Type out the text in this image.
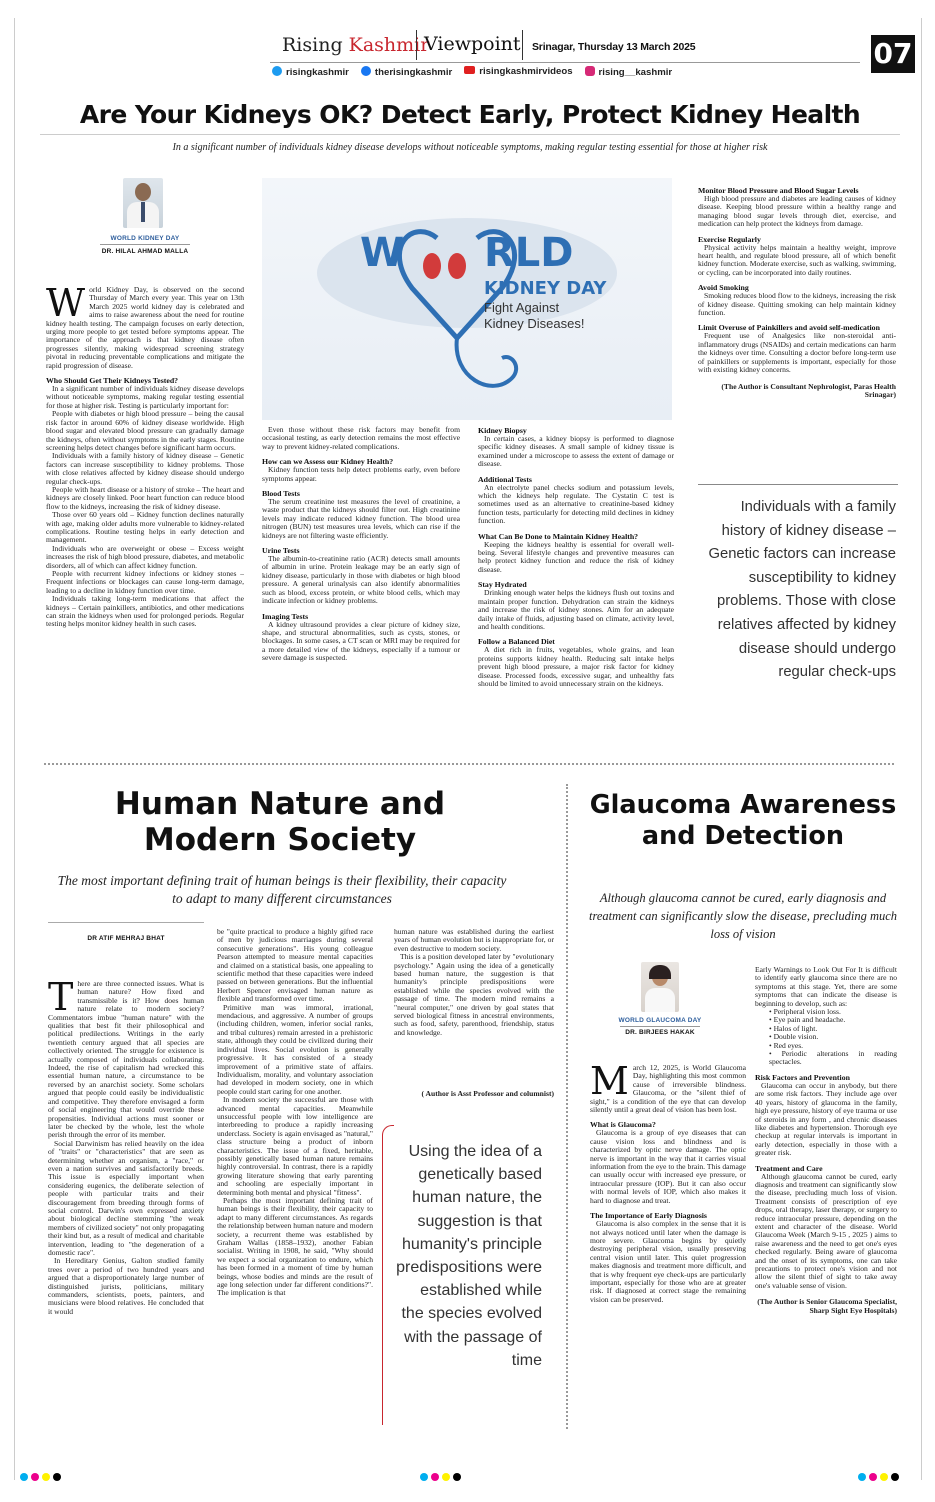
Rising Kashmir
Viewpoint Srinagar, Thursday 13 March 2025	07
risingkashmir	therisingkashmir	risingkashmirvideos	rising__kashmir
Are Your Kidneys OK? Detect Early, Protect Kidney Health
In a significant number of individuals kidney disease develops without noticeable symptoms, making regular testing essential for those at higher risk
WORLD KIDNEY DAY
DR. HILAL AHMAD MALLA	W RLD
KIDNEY DAY
Fight Against
Kidney Diseases!
W orld Kidney Day, is observed on the second Thursday of March every year. This year on 13th March 2025 world kidney day is celebrated and aims to raise awareness about the need for routine kidney health testing. The campaign focuses on early detection, urging more people to get tested before symptoms appear. The importance of the approach is that kidney disease often progresses silently, making widespread screening strategy pivotal in reducing preventable complications and mitigate the rapid progression of disease.
Who Should Get Their Kidneys Tested?

In a significant number of individuals kidney disease develops without noticeable symptoms, making regular testing essential for those at higher risk. Testing is particularly important for:

People with diabetes or high blood pressure – being the causal risk factor in around 60% of kidney disease worldwide. High blood sugar and elevated blood pressure can gradually damage the kidneys, often without symptoms in the early stages. Routine screening helps detect changes before significant harm occurs.

Individuals with a family history of kidney disease – Genetic factors can increase susceptibility to kidney problems. Those with close relatives affected by kidney disease should undergo regular check-ups.

People with heart disease or a history of stroke – The heart and kidneys are closely linked. Poor heart function can reduce blood flow to the kidneys, increasing the risk of kidney disease.

Those over 60 years old – Kidney function declines naturally with age, making older adults more vulnerable to kidney-related complications. Routine testing helps in early detection and management.

Individuals who are overweight or obese – Excess weight increases the risk of high blood pressure, diabetes, and metabolic disorders, all of which can affect kidney function.

People with recurrent kidney infections or kidney stones – Frequent infections or blockages can cause long-term damage, leading to a decline in kidney function over time.

Individuals taking long-term medications that affect the kidneys – Certain painkillers, antibiotics, and other medications can strain the kidneys when used for prolonged periods. Regular testing helps monitor kidney health in such cases.

Even those without these risk factors may benefit from occasional testing, as early detection remains the most effective way to prevent kidney-related complications.

How can we Assess our Kidney Health?

Kidney function tests help detect problems early, even before symptoms appear.

Blood Tests

The serum creatinine test measures the level of creatinine, a waste product that the kidneys should filter out. High creatinine levels may indicate reduced kidney function. The blood urea nitrogen (BUN) test measures urea levels, which can rise if the kidneys are not filtering waste efficiently.

Urine Tests

The albumin-to-creatinine ratio (ACR) detects small amounts of albumin in urine. Protein leakage may be an early sign of kidney disease, particularly in those with diabetes or high blood pressure. A general urinalysis can also identify abnormalities such as blood, excess protein, or white blood cells, which may indicate infection or kidney problems.

Imaging Tests

A kidney ultrasound provides a clear picture of kidney size, shape, and structural abnormalities, such as cysts, stones, or blockages. In some cases, a CT scan or MRI may be required for a more detailed view of the kidneys, especially if a tumour or severe damage is suspected.

Kidney Biopsy

In certain cases, a kidney biopsy is performed to diagnose specific kidney diseases. A small sample of kidney tissue is examined under a microscope to assess the extent of damage or disease.

Additional Tests

An electrolyte panel checks sodium and potassium levels, which the kidneys help regulate. The Cystatin C test is sometimes used as an alternative to creatinine-based kidney function tests, particularly for detecting mild declines in kidney function.

What Can Be Done to Maintain Kidney Health?

Keeping the kidneys healthy is essential for overall well-being. Several lifestyle changes and preventive measures can help protect kidney function and reduce the risk of kidney disease.

Stay Hydrated

Drinking enough water helps the kidneys flush out toxins and maintain proper function. Dehydration can strain the kidneys and increase the risk of kidney stones. Aim for an adequate daily intake of fluids, adjusting based on climate, activity level, and health conditions.

Follow a Balanced Diet

A diet rich in fruits, vegetables, whole grains, and lean proteins supports kidney health. Reducing salt intake helps prevent high blood pressure, a major risk factor for kidney disease. Processed foods, excessive sugar, and unhealthy fats should be limited to avoid unnecessary strain on the kidneys.

Monitor Blood Pressure and Blood Sugar Levels

High blood pressure and diabetes are leading causes of kidney disease. Keeping blood pressure within a healthy range and managing blood sugar levels through diet, exercise, and medication can help protect the kidneys from damage.

Exercise Regularly

Physical activity helps maintain a healthy weight, improve heart health, and regulate blood pressure, all of which benefit kidney function. Moderate exercise, such as walking, swimming, or cycling, can be incorporated into daily routines.

Avoid Smoking

Smoking reduces blood flow to the kidneys, increasing the risk of kidney disease. Quitting smoking can help maintain kidney function.

Limit Overuse of Painkillers and avoid self-medication

Frequent use of Analgesics like non-steroidal anti-inflammatory drugs (NSAIDs) and certain medications can harm the kidneys over time. Consulting a doctor before long-term use of painkillers or supplements is important, especially for those with existing kidney concerns.

(The Author is Consultant Nephrologist, Paras Health Srinagar)
Individuals with a family history of kidney disease – Genetic factors can increase susceptibility to kidney problems. Those with close relatives affected by kidney disease should undergo regular check-ups
Human Nature and Modern Society
The most important defining trait of human beings is their flexibility, their capacity to adapt to many different circumstances
DR ATIF MEHRAJ BHAT
T here are three connected issues. What is human nature? How fixed and transmissible is it? How does human nature relate to modern society? Commentators imbue "human nature" with the qualities that best fit their philosophical and political predilections. Writings in the early twentieth century argued that all species are collectively oriented. The struggle for existence is actually composed of individuals collaborating. Indeed, the rise of capitalism had wrecked this essential human nature, a circumstance to be reversed by an anarchist society. Some scholars argued that people could easily be individualistic and competitive. They therefore envisaged a form of social engineering that would override these propensities. Individual actions must sooner or later be checked by the whole, lest the whole perish through the error of its member.

Social Darwinism has relied heavily on the idea of "traits" or "characteristics" that are seen as determining whether an organism, a "race," or even a nation survives and satisfactorily breeds. This issue is especially important when considering eugenics, the deliberate selection of people with particular traits and their discouragement from breeding through forms of social control. Darwin's own expressed anxiety about biological decline stemming "the weak members of civilized society" not only propagating their kind but, as a result of medical and charitable intervention, leading to "the degeneration of a domestic race".

In Hereditary Genius, Galton studied family trees over a period of two hundred years and argued that a disproportionately large number of distinguished jurists, politicians, military commanders, scientists, poets, painters, and musicians were blood relatives. He concluded that it would

be "quite practical to produce a highly gifted race of men by judicious marriages during several consecutive generations". His young colleague Pearson attempted to measure mental capacities and claimed on a statistical basis, one appealing to scientific method that these capacities were indeed passed on between generations. But the influential Herbert Spencer envisaged human nature as flexible and transformed over time.

Primitive man was immoral, irrational, mendacious, and aggressive. A number of groups (including children, women, inferior social ranks, and tribal cultures) remain arrested in a prehistoric state, although they could be civilized during their individual lives. Social evolution is generally progressive. It has consisted of a steady improvement of a primitive state of affairs. Individualism, morality, and voluntary association had developed in modern society, one in which people could start caring for one another.

In modern society the successful are those with advanced mental capacities. Meanwhile unsuccessful people with low intelligence are interbreeding to produce a rapidly increasing underclass. Society is again envisaged as "natural," class structure being a product of inborn characteristics. The issue of a fixed, heritable, possibly genetically based human nature remains highly controversial. In contrast, there is a rapidly growing literature showing that early parenting and schooling are especially important in determining both mental and physical "fitness".

Perhaps the most important defining trait of human beings is their flexibility, their capacity to adapt to many different circumstances. As regards the relationship between human nature and modern society, a recurrent theme was established by Graham Wallas (1858–1932), another Fabian socialist. Writing in 1908, he said, "Why should we expect a social organization to endure, which has been formed in a moment of time by human beings, whose bodies and minds are the result of age long selection under far different conditions?". The implication is that

human nature was established during the earliest years of human evolution but is inappropriate for, or even destructive to modern society.

This is a position developed later by "evolutionary psychology." Again using the idea of a genetically based human nature, the suggestion is that humanity's principle predispositions were established while the species evolved with the passage of time. The modern mind remains a "neural computer," one driven by goal states that served biological fitness in ancestral environments, such as food, safety, parenthood, friendship, status and knowledge.

( Author is Asst Professor and columnist)
Using the idea of a genetically based human nature, the suggestion is that humanity's principle predispositions were established while the species evolved with the passage of time
Glaucoma Awareness and Detection
Although glaucoma cannot be cured, early diagnosis and treatment can significantly slow the disease, precluding much loss of vision
WORLD GLAUCOMA DAY
DR. BIRJEES HAKAK
M arch 12, 2025, is World Glaucoma Day, highlighting this most common cause of irreversible blindness. Glaucoma, or the "silent thief of sight," is a condition of the eye that can develop silently until a great deal of vision has been lost.
What is Glaucoma?

Glaucoma is a group of eye diseases that can cause vision loss and blindness and is characterized by optic nerve damage. The optic nerve is important in the way that it carries visual information from the eye to the brain. This damage can usually occur with increased eye pressure, or intraocular pressure (IOP). But it can also occur with normal levels of IOP, which also makes it hard to diagnose and treat.

The Importance of Early Diagnosis

Glaucoma is also complex in the sense that it is not always noticed until later when the damage is more severe. Glaucoma begins by quietly destroying peripheral vision, usually preserving central vision until later. This quiet progression makes diagnosis and treatment more difficult, and that is why frequent eye check-ups are particularly important, especially for those who are at greater risk. If diagnosed at correct stage the remaining vision can be preserved.

Early Warnings to Look Out For It is difficult to identify early glaucoma since there are no symptoms at this stage. Yet, there are some symptoms that can indicate the disease is beginning to develop, such as:

• Peripheral vision loss.
• Eye pain and headache.
• Halos of light.
• Double vision.
• Red eyes.
• Periodic alterations in reading spectacles.
Risk Factors and Prevention

Glaucoma can occur in anybody, but there are some risk factors. They include age over 40 years, history of glaucoma in the family, high eye pressure, history of eye trauma or use of steroids in any form , and chronic diseases like diabetes and hypertension. Thorough eye checkup at regular intervals is important in early detection, especially in those with a greater risk.

Treatment and Care

Although glaucoma cannot be cured, early diagnosis and treatment can significantly slow the disease, precluding much loss of vision. Treatment consists of prescription of eye drops, oral therapy, laser therapy, or surgery to reduce intraocular pressure, depending on the extent and character of the disease. World Glaucoma Week (March 9-15 , 2025 ) aims to raise awareness and the need to get one's eyes checked regularly. Being aware of glaucoma and the onset of its symptoms, one can take precautions to protect one's vision and not allow the silent thief of sight to take away one's valuable sense of vision.

(The Author is Senior Glaucoma Specialist, Sharp Sight Eye Hospitals)
